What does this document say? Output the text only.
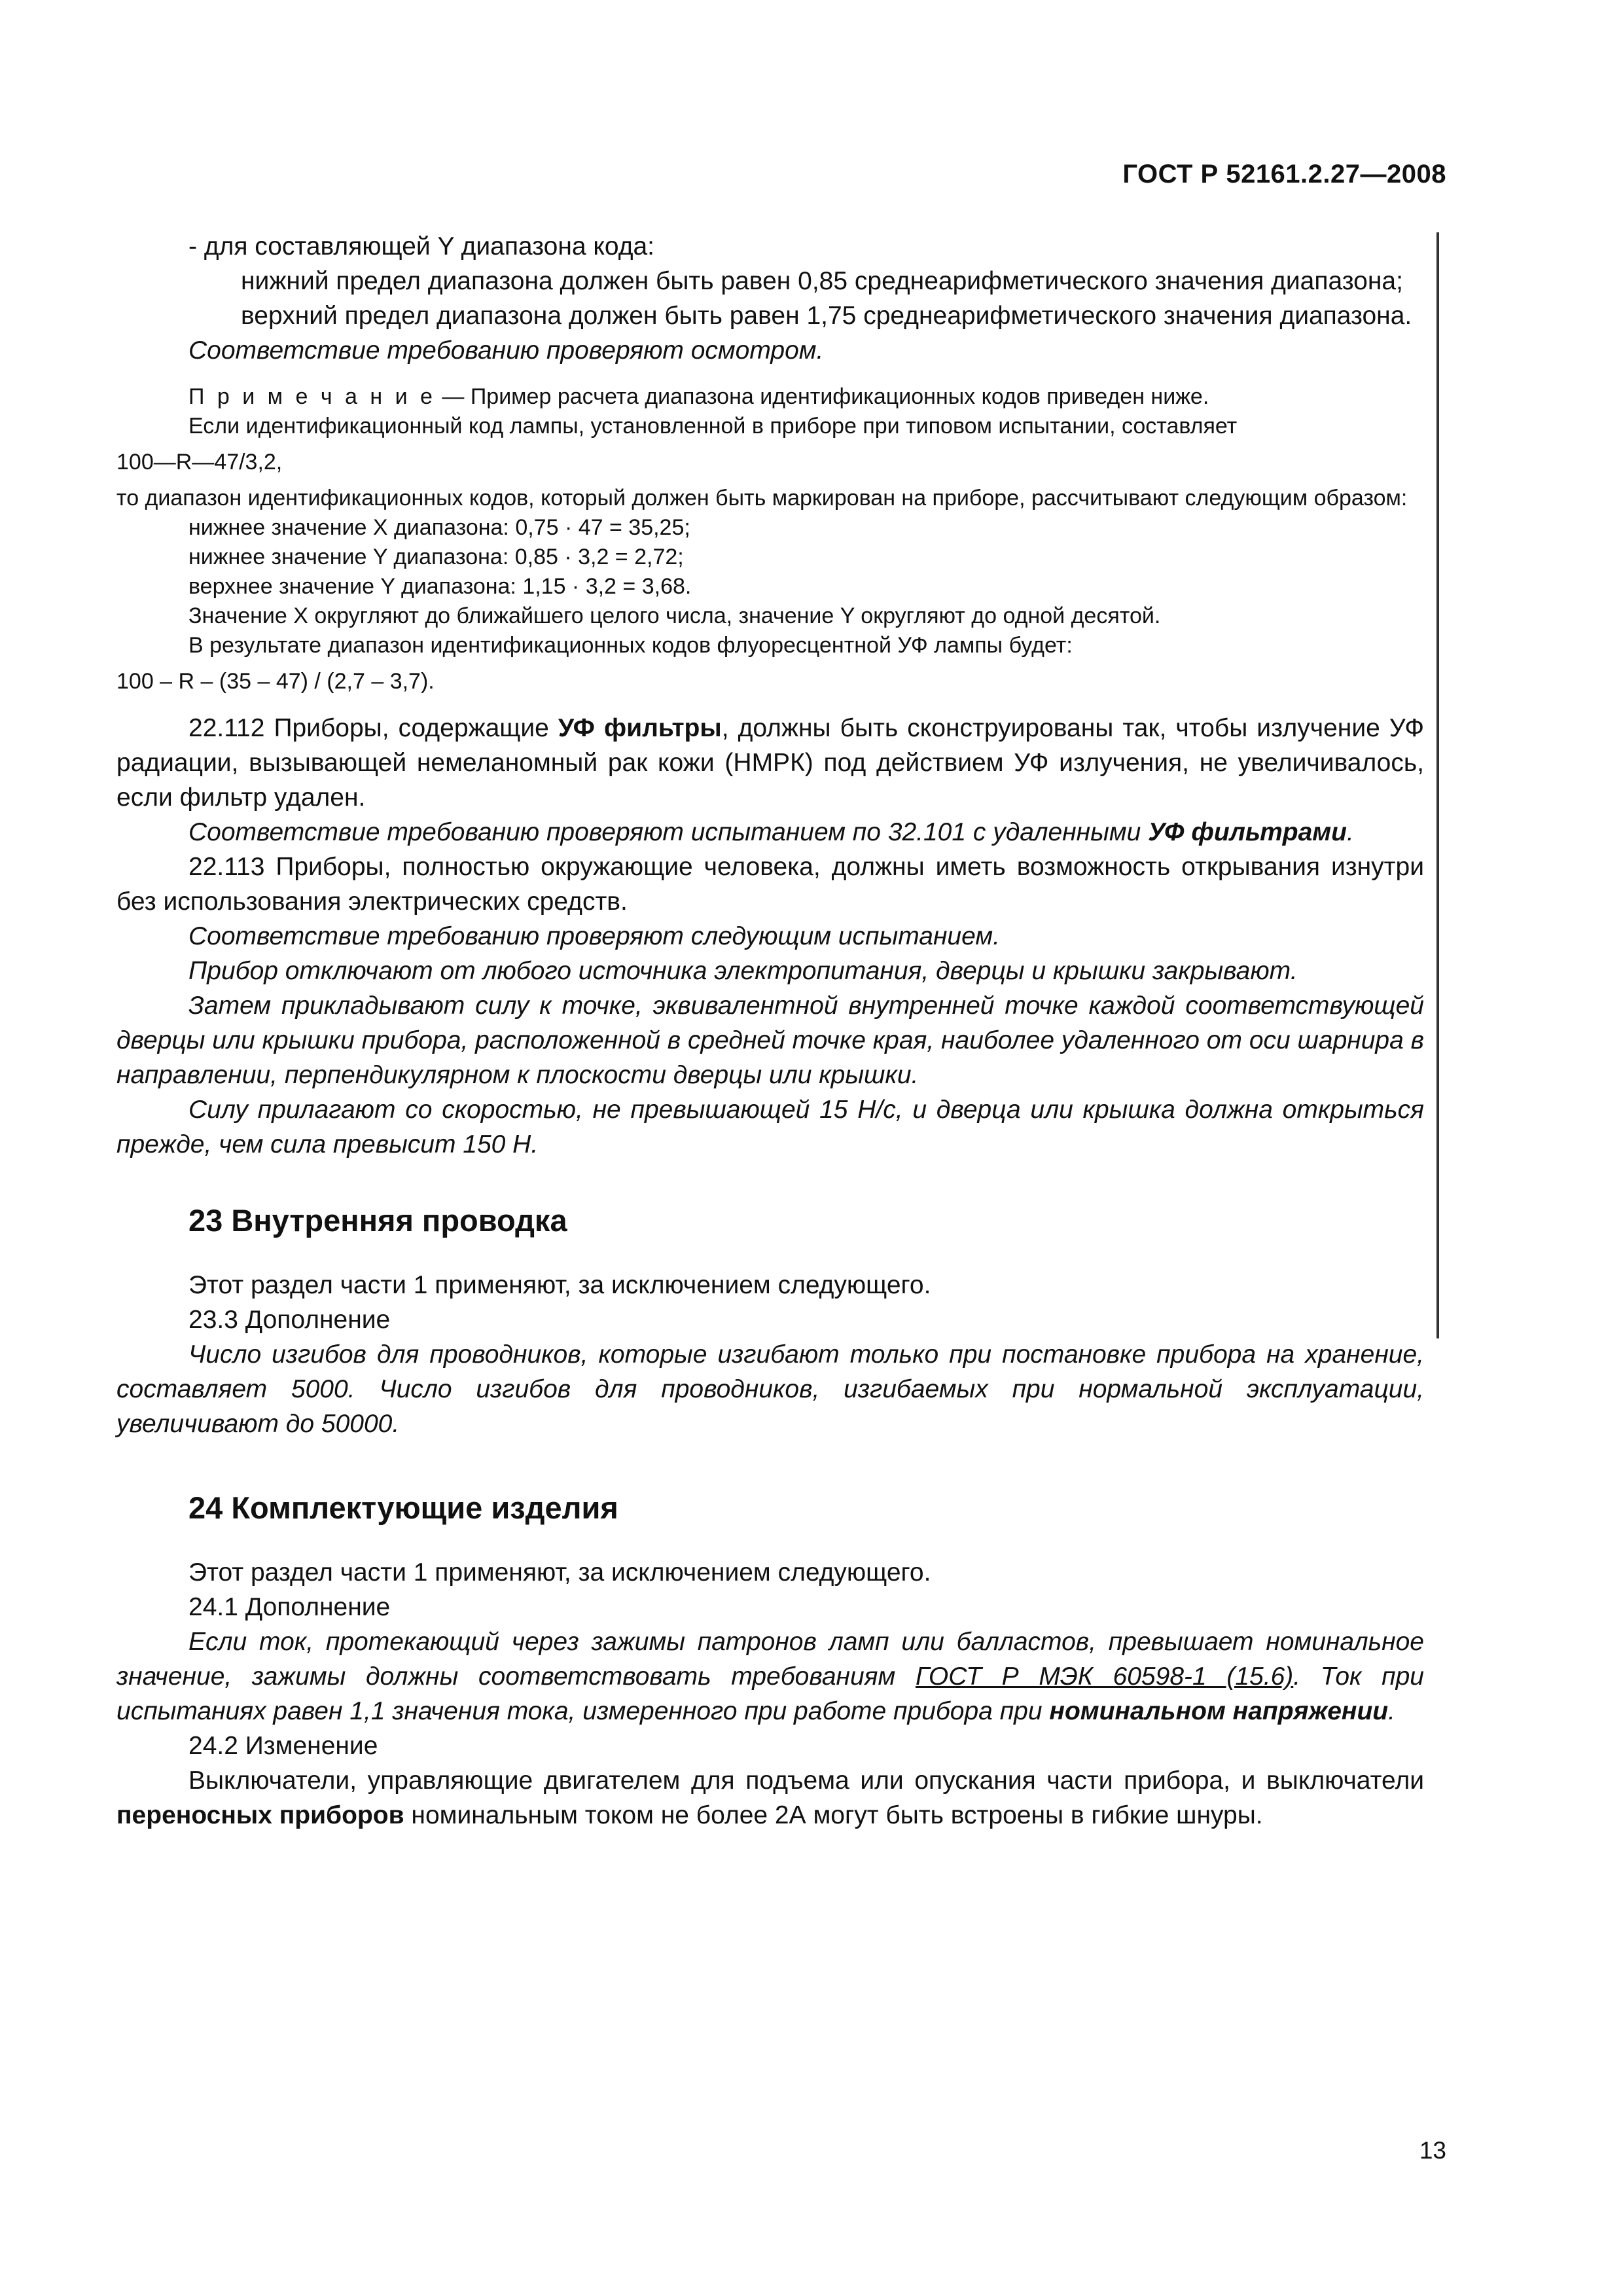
ГОСТ Р 52161.2.27—2008

- для составляющей Y диапазона кода:

нижний предел диапазона должен быть равен 0,85 среднеарифметического значения диапазона;

верхний предел диапазона должен быть равен 1,75 среднеарифметического значения диапазона.

Соответствие требованию проверяют осмотром.

П р и м е ч а н и е — Пример расчета диапазона идентификационных кодов приведен ниже.

Если идентификационный код лампы, установленной в приборе при типовом испытании, составляет

100—R—47/3,2,

то диапазон идентификационных кодов, который должен быть маркирован на приборе, рассчитывают следующим образом:

нижнее значение X диапазона: 0,75 · 47 = 35,25;

нижнее значение Y диапазона: 0,85 · 3,2 = 2,72;

верхнее значение Y диапазона: 1,15 · 3,2 = 3,68.

Значение X округляют до ближайшего целого числа, значение Y округляют до одной десятой.

В результате диапазон идентификационных кодов флуоресцентной УФ лампы будет:

100 – R – (35 – 47) / (2,7 – 3,7).

22.112 Приборы, содержащие УФ фильтры, должны быть сконструированы так, чтобы излучение УФ радиации, вызывающей немеланомный рак кожи (НМРК) под действием УФ излучения, не увеличивалось, если фильтр удален.

Соответствие требованию проверяют испытанием по 32.101 с удаленными УФ фильтрами.

22.113 Приборы, полностью окружающие человека, должны иметь возможность открывания изнутри без использования электрических средств.

Соответствие требованию проверяют следующим испытанием.

Прибор отключают от любого источника электропитания, дверцы и крышки закрывают.

Затем прикладывают силу к точке, эквивалентной внутренней точке каждой соответствующей дверцы или крышки прибора, расположенной в средней точке края, наиболее удаленного от оси шарнира в направлении, перпендикулярном к плоскости дверцы или крышки.

Силу прилагают со скоростью, не превышающей 15 Н/с, и дверца или крышка должна открыться прежде, чем сила превысит 150 Н.

23 Внутренняя проводка

Этот раздел части 1 применяют, за исключением следующего.

23.3 Дополнение

Число изгибов для проводников, которые изгибают только при постановке прибора на хранение, составляет 5000. Число изгибов для проводников, изгибаемых при нормальной эксплуатации, увеличивают до 50000.

24 Комплектующие изделия

Этот раздел части 1 применяют, за исключением следующего.

24.1 Дополнение

Если ток, протекающий через зажимы патронов ламп или балластов, превышает номинальное значение, зажимы должны соответствовать требованиям ГОСТ Р МЭК 60598-1 (15.6). Ток при испытаниях равен 1,1 значения тока, измеренного при работе прибора при номинальном напряжении.

24.2 Изменение

Выключатели, управляющие двигателем для подъема или опускания части прибора, и выключатели переносных приборов номинальным током не более 2А могут быть встроены в гибкие шнуры.

13
